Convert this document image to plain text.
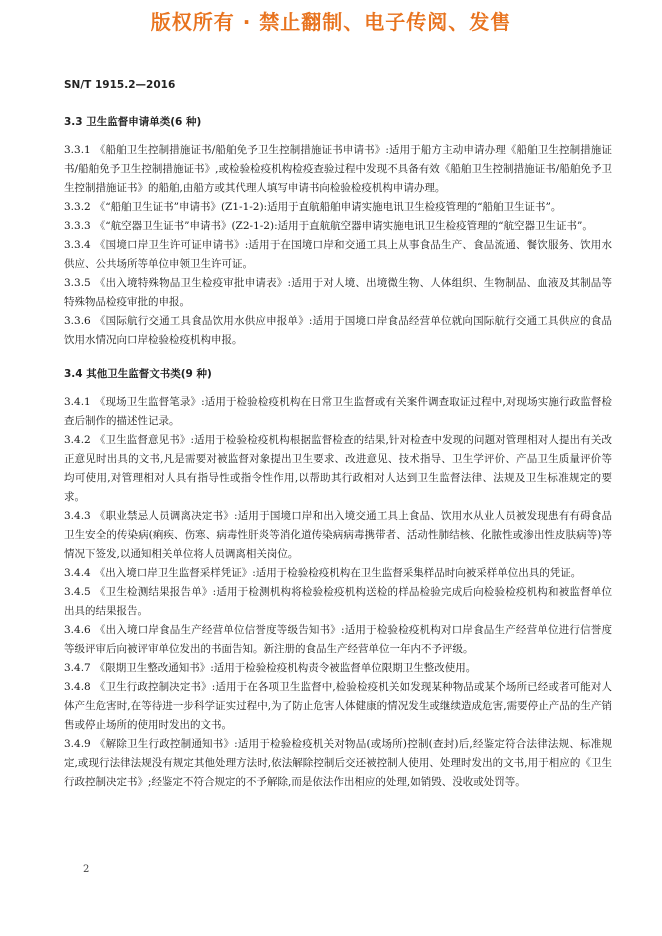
版权所有 · 禁止翻制、电子传阅、发售
SN/T 1915.2—2016
3.3 卫生监督申请单类(6 种)

3.3.1 《船舶卫生控制措施证书/船舶免予卫生控制措施证书申请书》:适用于船方主动申请办理《船舶卫生控制措施证书/船舶免予卫生控制措施证书》,或检验检疫机构检疫查验过程中发现不具备有效《船舶卫生控制措施证书/船舶免予卫生控制措施证书》的船舶,由船方或其代理人填写申请书向检验检疫机构申请办理。

3.3.2 《“船舶卫生证书”申请书》(Z1-1-2):适用于直航船舶申请实施电讯卫生检疫管理的“船舶卫生证书”。

3.3.3 《“航空器卫生证书”申请书》(Z2-1-2):适用于直航航空器申请实施电讯卫生检疫管理的“航空器卫生证书”。

3.3.4 《国境口岸卫生许可证申请书》:适用于在国境口岸和交通工具上从事食品生产、食品流通、餐饮服务、饮用水供应、公共场所等单位申领卫生许可证。

3.3.5 《出入境特殊物品卫生检疫审批申请表》:适用于对人境、出境微生物、人体组织、生物制品、血液及其制品等特殊物品检疫审批的申报。

3.3.6 《国际航行交通工具食品饮用水供应申报单》:适用于国境口岸食品经营单位就向国际航行交通工具供应的食品饮用水情况向口岸检验检疫机构申报。

3.4 其他卫生监督文书类(9 种)

3.4.1 《现场卫生监督笔录》:适用于检验检疫机构在日常卫生监督或有关案件调查取证过程中,对现场实施行政监督检查后制作的描述性记录。

3.4.2 《卫生监督意见书》:适用于检验检疫机构根据监督检查的结果,针对检查中发现的问题对管理相对人提出有关改正意见时出具的文书,凡是需要对被监督对象提出卫生要求、改进意见、技术指导、卫生学评价、产品卫生质量评价等均可使用,对管理相对人具有指导性或指令性作用,以帮助其行政相对人达到卫生监督法律、法规及卫生标准规定的要求。

3.4.3 《职业禁忌人员调离决定书》:适用于国境口岸和出入境交通工具上食品、饮用水从业人员被发现患有有碍食品卫生安全的传染病(痢疾、伤寒、病毒性肝炎等消化道传染病病毒携带者、活动性肺结核、化脓性或渗出性皮肤病等)等情况下签发,以通知相关单位将人员调离相关岗位。

3.4.4 《出入境口岸卫生监督采样凭证》:适用于检验检疫机构在卫生监督采集样品时向被采样单位出具的凭证。

3.4.5 《卫生检测结果报告单》:适用于检测机构将检验检疫机构送检的样品检验完成后向检验检疫机构和被监督单位出具的结果报告。

3.4.6 《出入境口岸食品生产经营单位信誉度等级告知书》:适用于检验检疫机构对口岸食品生产经营单位进行信誉度等级评审后向被评审单位发出的书面告知。新注册的食品生产经营单位一年内不予评级。

3.4.7 《限期卫生整改通知书》:适用于检验检疫机构责令被监督单位限期卫生整改使用。

3.4.8 《卫生行政控制决定书》:适用于在各项卫生监督中,检验检疫机关如发现某种物品或某个场所已经或者可能对人体产生危害时,在等待进一步科学证实过程中,为了防止危害人体健康的情况发生或继续造成危害,需要停止产品的生产销售或停止场所的使用时发出的文书。

3.4.9 《解除卫生行政控制通知书》:适用于检验检疫机关对物品(或场所)控制(查封)后,经鉴定符合法律法规、标准规定,或现行法律法规没有规定其他处理方法时,依法解除控制后交还被控制人使用、处理时发出的文书,用于相应的《卫生行政控制决定书》;经鉴定不符合规定的不予解除,而是依法作出相应的处理,如销毁、没收或处罚等。

2
